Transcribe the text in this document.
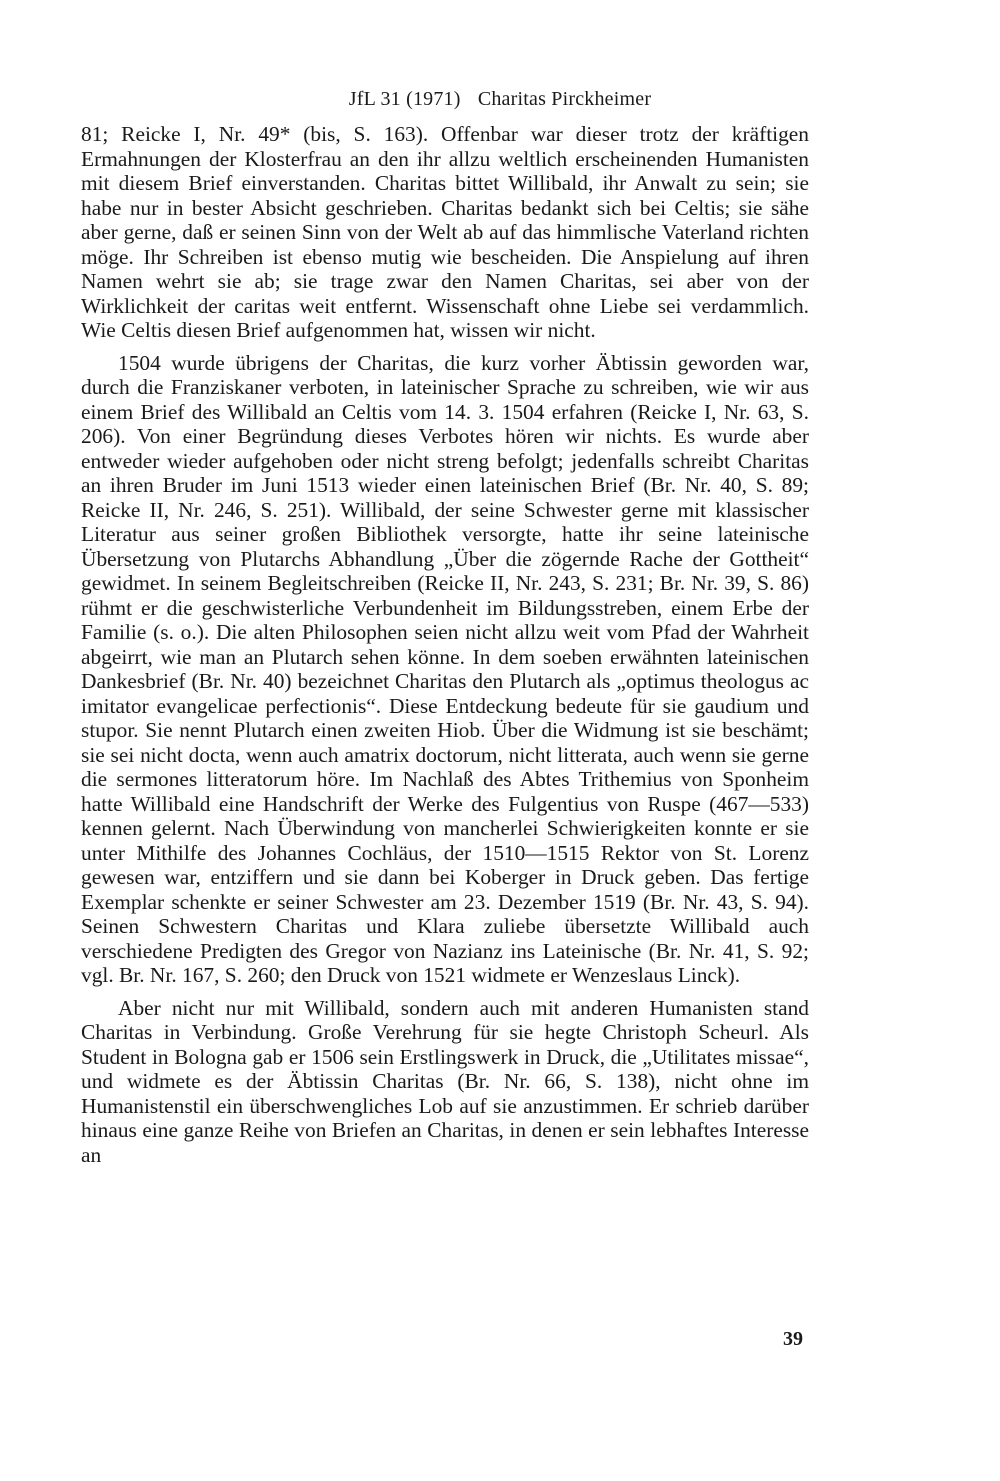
JfL 31 (1971) Charitas Pirckheimer

81; Reicke I, Nr. 49* (bis, S. 163). Offenbar war dieser trotz der kräftigen Ermahnungen der Klosterfrau an den ihr allzu weltlich erscheinenden Humanisten mit diesem Brief einverstanden. Charitas bittet Willibald, ihr Anwalt zu sein; sie habe nur in bester Absicht geschrieben. Charitas bedankt sich bei Celtis; sie sähe aber gerne, daß er seinen Sinn von der Welt ab auf das himmlische Vaterland richten möge. Ihr Schreiben ist ebenso mutig wie bescheiden. Die Anspielung auf ihren Namen wehrt sie ab; sie trage zwar den Namen Charitas, sei aber von der Wirklichkeit der caritas weit entfernt. Wissenschaft ohne Liebe sei verdammlich. Wie Celtis diesen Brief aufgenommen hat, wissen wir nicht.

1504 wurde übrigens der Charitas, die kurz vorher Äbtissin geworden war, durch die Franziskaner verboten, in lateinischer Sprache zu schreiben, wie wir aus einem Brief des Willibald an Celtis vom 14. 3. 1504 erfahren (Reicke I, Nr. 63, S. 206). Von einer Begründung dieses Verbotes hören wir nichts. Es wurde aber entweder wieder aufgehoben oder nicht streng befolgt; jedenfalls schreibt Charitas an ihren Bruder im Juni 1513 wieder einen lateinischen Brief (Br. Nr. 40, S. 89; Reicke II, Nr. 246, S. 251). Willibald, der seine Schwester gerne mit klassischer Literatur aus seiner großen Bibliothek versorgte, hatte ihr seine lateinische Übersetzung von Plutarchs Abhandlung „Über die zögernde Rache der Gottheit“ gewidmet. In seinem Begleitschreiben (Reicke II, Nr. 243, S. 231; Br. Nr. 39, S. 86) rühmt er die geschwisterliche Verbundenheit im Bildungsstreben, einem Erbe der Familie (s. o.). Die alten Philosophen seien nicht allzu weit vom Pfad der Wahrheit abgeirrt, wie man an Plutarch sehen könne. In dem soeben erwähnten lateinischen Dankesbrief (Br. Nr. 40) bezeichnet Charitas den Plutarch als „optimus theologus ac imitator evangelicae perfectionis“. Diese Entdeckung bedeute für sie gaudium und stupor. Sie nennt Plutarch einen zweiten Hiob. Über die Widmung ist sie beschämt; sie sei nicht docta, wenn auch amatrix doctorum, nicht litterata, auch wenn sie gerne die sermones litteratorum höre. Im Nachlaß des Abtes Trithemius von Sponheim hatte Willibald eine Handschrift der Werke des Fulgentius von Ruspe (467—533) kennen gelernt. Nach Überwindung von mancherlei Schwierigkeiten konnte er sie unter Mithilfe des Johannes Cochläus, der 1510—1515 Rektor von St. Lorenz gewesen war, entziffern und sie dann bei Koberger in Druck geben. Das fertige Exemplar schenkte er seiner Schwester am 23. Dezember 1519 (Br. Nr. 43, S. 94). Seinen Schwestern Charitas und Klara zuliebe übersetzte Willibald auch verschiedene Predigten des Gregor von Nazianz ins Lateinische (Br. Nr. 41, S. 92; vgl. Br. Nr. 167, S. 260; den Druck von 1521 widmete er Wenzeslaus Linck).

Aber nicht nur mit Willibald, sondern auch mit anderen Humanisten stand Charitas in Verbindung. Große Verehrung für sie hegte Christoph Scheurl. Als Student in Bologna gab er 1506 sein Erstlingswerk in Druck, die „Utilitates missae“, und widmete es der Äbtissin Charitas (Br. Nr. 66, S. 138), nicht ohne im Humanistenstil ein überschwengliches Lob auf sie anzustimmen. Er schrieb darüber hinaus eine ganze Reihe von Briefen an Charitas, in denen er sein lebhaftes Interesse an

39
